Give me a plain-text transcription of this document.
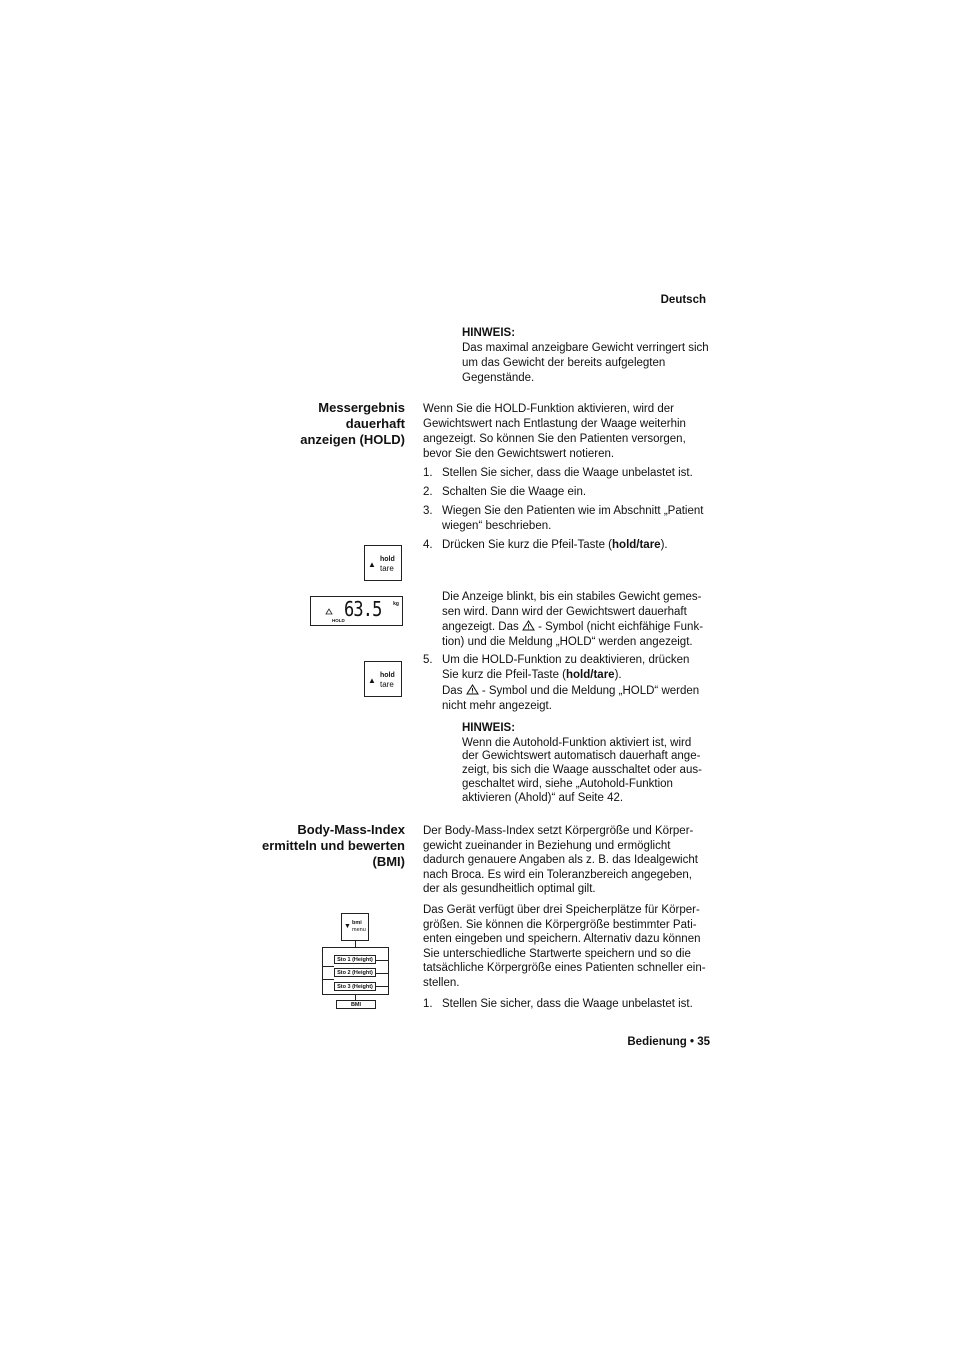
Deutsch
HINWEIS:
Das maximal anzeigbare Gewicht verringert sich
um das Gewicht der bereits aufgelegten
Gegenstände.
Messergebnis
dauerhaft
anzeigen (HOLD)
Wenn Sie die HOLD-Funktion aktivieren, wird der
Gewichtswert nach Entlastung der Waage weiterhin
angezeigt. So können Sie den Patienten versorgen,
bevor Sie den Gewichtswert notieren.
1. Stellen Sie sicher, dass die Waage unbelastet ist.
2. Schalten Sie die Waage ein.
3. Wiegen Sie den Patienten wie im Abschnitt „Patient
wiegen“ beschrieben.
4. Drücken Sie kurz die Pfeil-Taste (hold/tare).
▲
hold
tare
63.5 kg
HOLD
Die Anzeige blinkt, bis ein stabiles Gewicht gemes-
sen wird. Dann wird der Gewichtswert dauerhaft
angezeigt. Das  - Symbol (nicht eichfähige Funk-
tion) und die Meldung „HOLD“ werden angezeigt.
▲
hold
tare
5. Um die HOLD-Funktion zu deaktivieren, drücken
Sie kurz die Pfeil-Taste (hold/tare).
Das  - Symbol und die Meldung „HOLD“ werden
nicht mehr angezeigt.
HINWEIS:
Wenn die Autohold-Funktion aktiviert ist, wird
der Gewichtswert automatisch dauerhaft ange-
zeigt, bis sich die Waage ausschaltet oder aus-
geschaltet wird, siehe „Autohold-Funktion
aktivieren (Ahold)“ auf Seite 42.
Body-Mass-Index
ermitteln und bewerten
(BMI)
Der Body-Mass-Index setzt Körpergröße und Körper-
gewicht zueinander in Beziehung und ermöglicht
dadurch genauere Angaben als z. B. das Idealgewicht
nach Broca. Es wird ein Toleranzbereich angegeben,
der als gesundheitlich optimal gilt.
Das Gerät verfügt über drei Speicherplätze für Körper-
größen. Sie können die Körpergröße bestimmter Pati-
enten eingeben und speichern. Alternativ dazu können
Sie unterschiedliche Startwerte speichern und so die
tatsächliche Körpergröße eines Patienten schneller ein-
stellen.
1. Stellen Sie sicher, dass die Waage unbelastet ist.
▼ bmi
menu
Sto 1 (Height)
Sto 2 (Height)
Sto 3 (Height)
BMI
Bedienung • 35
